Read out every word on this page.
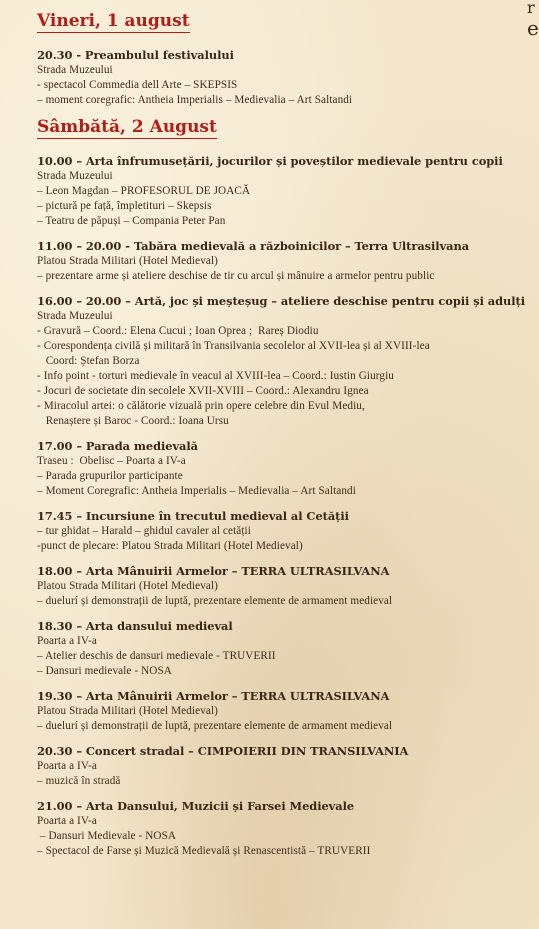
r
e
Vineri, 1 august
20.30 - Preambulul festivalului
Strada Muzeului
- spectacol Commedia dell Arte – SKEPSIS
– moment coregrafic: Antheia Imperialis – Medievalia – Art Saltandi
Sâmbătă, 2 August
10.00 – Arta înfrumusețării, jocurilor și poveștilor medievale pentru copii
Strada Muzeului
– Leon Magdan – PROFESORUL DE JOACĂ
– pictură pe față, împletituri – Skepsis
– Teatru de păpuși – Compania Peter Pan
11.00 – 20.00 - Tabăra medievală a războinicilor – Terra Ultrasilvana
Platou Strada Militari (Hotel Medieval)
– prezentare arme și ateliere deschise de tir cu arcul și mânuire a armelor pentru public
16.00 – 20.00 – Artă, joc și meșteșug – ateliere deschise pentru copii și adulți
Strada Muzeului
- Gravură – Coord.: Elena Cucui ; Ioan Oprea ;  Rareș Diodiu
- Corespondența civilă și militară în Transilvania secolelor al XVII-lea și al XVIII-lea
Coord: Ștefan Borza
- Info point - torturi medievale în veacul al XVIII-lea – Coord.: Iustin Giurgiu
- Jocuri de societate din secolele XVII-XVIII – Coord.: Alexandru Ignea
- Miracolul artei: o călătorie vizuală prin opere celebre din Evul Mediu,
Renaștere și Baroc - Coord.: Ioana Ursu
17.00 – Parada medievală
Traseu :  Obelisc – Poarta a IV-a
– Parada grupurilor participante
– Moment Coregrafic: Antheia Imperialis – Medievalia – Art Saltandi
17.45 – Incursiune în trecutul medieval al Cetății
– tur ghidat – Harald – ghidul cavaler al cetății
-punct de plecare: Platou Strada Militari (Hotel Medieval)
18.00 – Arta Mânuirii Armelor – TERRA ULTRASILVANA
Platou Strada Militari (Hotel Medieval)
– duelurí și demonstrații de luptă, prezentare elemente de armament medieval
18.30 – Arta dansului medieval
Poarta a IV-a
– Atelier deschis de dansuri medievale - TRUVERII
– Dansuri medievale - NOSA
19.30 – Arta Mânuirii Armelor – TERRA ULTRASILVANA
Platou Strada Militari (Hotel Medieval)
– duelurí și demonstrații de luptă, prezentare elemente de armament medieval
20.30 – Concert stradal – CIMPOIERII DIN TRANSILVANIA
Poarta a IV-a
– muzică în stradă
21.00 – Arta Dansului, Muzicii și Farsei Medievale
Poarta a IV-a
– Dansuri Medievale - NOSA
– Spectacol de Farse și Muzică Medievală și Renascentistă – TRUVERII
